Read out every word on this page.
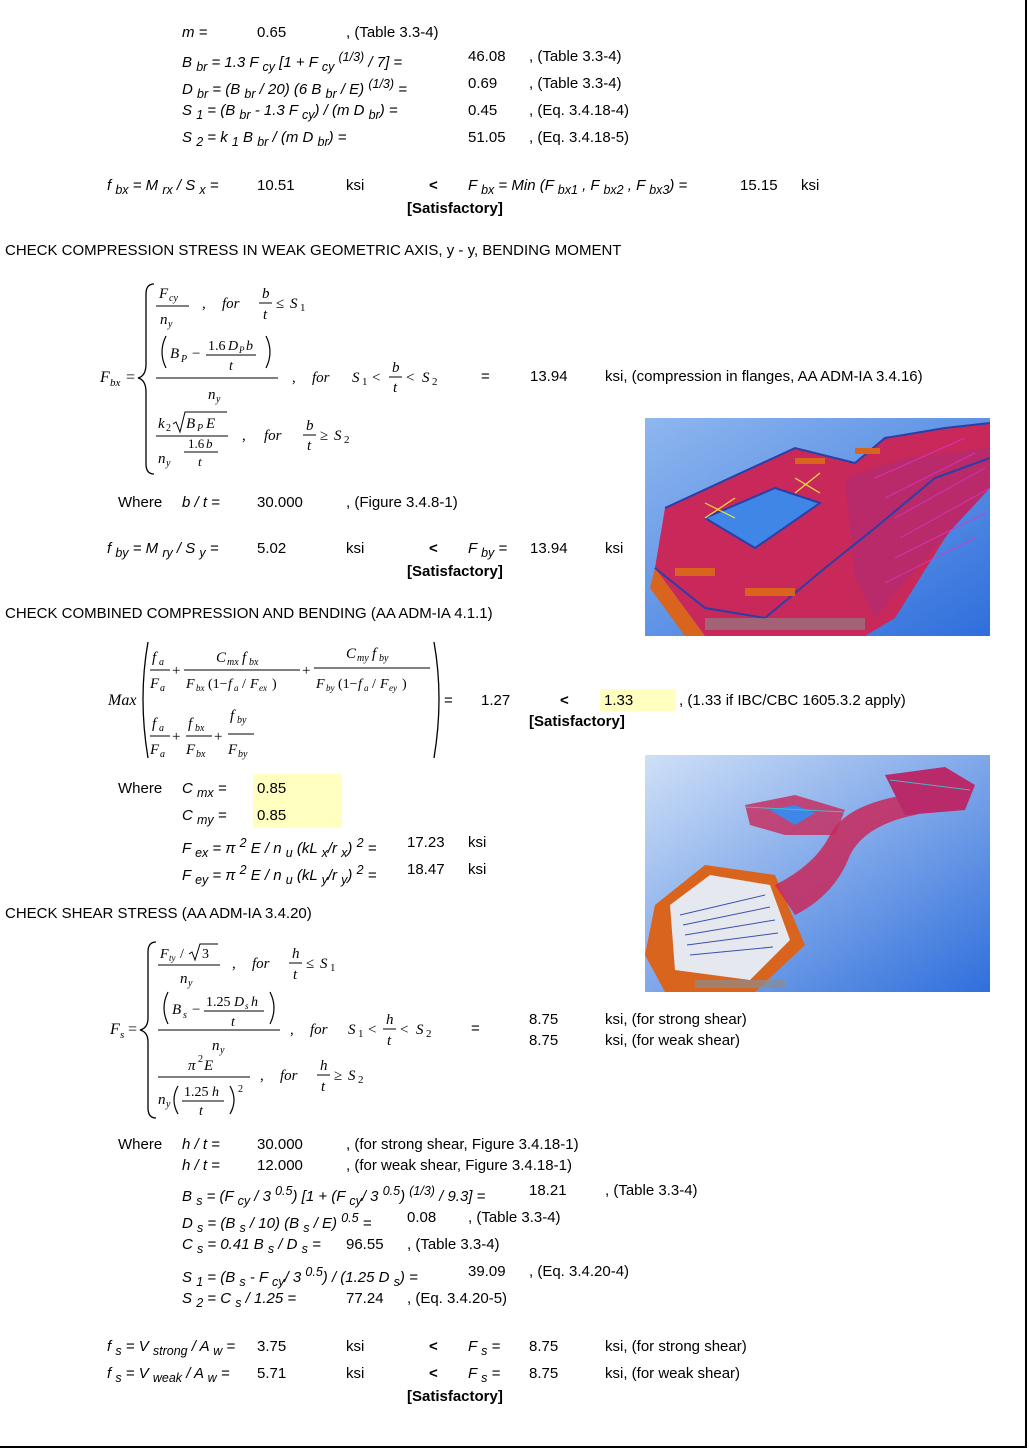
m =	0.65	, (Table 3.3-4)
B $_{br}$ = 1.3 F $_{cy}$ [1 + F $_{cy}$ $^{(1/3)}$ / 7] =	46.08 , (Table 3.3-4)
D $_{br}$ = (B $_{br}$ / 20) (6 B $_{br}$ / E) $^{(1/3)}$ =	0.69 , (Table 3.3-4)
S $_1$ = (B $_{br}$ - 1.3 F $_{cy}$) / (m D $_{br}$) =	0.45 , (Eq. 3.4.18-4)
S $_2$ = k $_1$ B $_{br}$ / (m D $_{br}$) =	51.05 , (Eq. 3.4.18-5)
f $_{bx}$ = M $_{rx}$ / S $_x$ =	10.51	ksi	< F $_{bx}$ = Min (F $_{bx1}$ , F $_{bx2}$ , F $_{bx3}$) =	15.15 ksi
[Satisfactory]
CHECK COMPRESSION STRESS IN WEAK GEOMETRIC AXIS, y - y, BENDING MOMENT
F bx =
F cy
n y
, for
b
t
≤ S 1
B P − 1.6 D P b
t
n y
, for S 1 <
b
t
< S 2
k 2 B P E
n y
1.6 b
t
, for
b
t
≥ S 2
=	13.94 ksi, (compression in flanges, AA ADM-IA 3.4.16)
Where b / t = 30.000	, (Figure 3.4.8-1)
f $_{by}$ = M $_{ry}$ / S $_y$ =	5.02	ksi	< F $_{by}$ = 13.94 ksi
[Satisfactory]
CHECK COMBINED COMPRESSION AND BENDING (AA ADM-IA 4.1.1)
Max
f a
F a
+
C mx f bx
F bx (1− f a / F ex )
+
C my f by
F by (1− f a / F ey )
f a
F a
+
f bx
F bx
+
f by
F by
= 1.27	< 1.33	, (1.33 if IBC/CBC 1605.3.2 apply)
[Satisfactory]
Where C $_{mx}$ = 0.85
C $_{my}$ = 0.85
F $_{ex}$ = π $^2$ E / n $_u$ (kL $_x$/r $_x$) $^2$ = 17.23 ksi
F $_{ey}$ = π $^2$ E / n $_u$ (kL $_y$/r $_y$) $^2$ = 18.47 ksi
CHECK SHEAR STRESS (AA ADM-IA 3.4.20)
F s =
F ty / 3
n y
, for
h
t
≤ S 1
B s − 1.25 D s h
t
n y
, for S 1 <
h
t
< S 2
π 2 E
n y
1.25 h
t
2
, for
h
t
≥ S 2
=
8.75	ksi, (for strong shear)
8.75	ksi, (for weak shear)
Where h / t = 30.000	, (for strong shear, Figure 3.4.18-1)
h / t = 12.000	, (for weak shear, Figure 3.4.18-1)
B $_s$ = (F $_{cy}$ / 3 $^{0.5}$) [1 + (F $_{cy}$/ 3 $^{0.5}$) $^{(1/3)}$ / 9.3] =	18.21	, (Table 3.3-4)
D $_s$ = (B $_s$ / 10) (B $_s$ / E) $^{0.5}$ = 0.08 , (Table 3.3-4)
C $_s$ = 0.41 B $_s$ / D $_s$ = 96.55 , (Table 3.3-4)
S $_1$ = (B $_s$ - F $_{cy}$/ 3 $^{0.5}$) / (1.25 D $_s$) =	39.09 , (Eq. 3.4.20-4)
S $_2$ = C $_s$ / 1.25 =	77.24 , (Eq. 3.4.20-5)
f $_s$ = V $_{strong}$ / A $_w$ = 3.75	ksi	< F $_s$ = 8.75	ksi, (for strong shear)
f $_s$ = V $_{weak}$ / A $_w$ = 5.71	ksi	< F $_s$ = 8.75	ksi, (for weak shear)
[Satisfactory]
